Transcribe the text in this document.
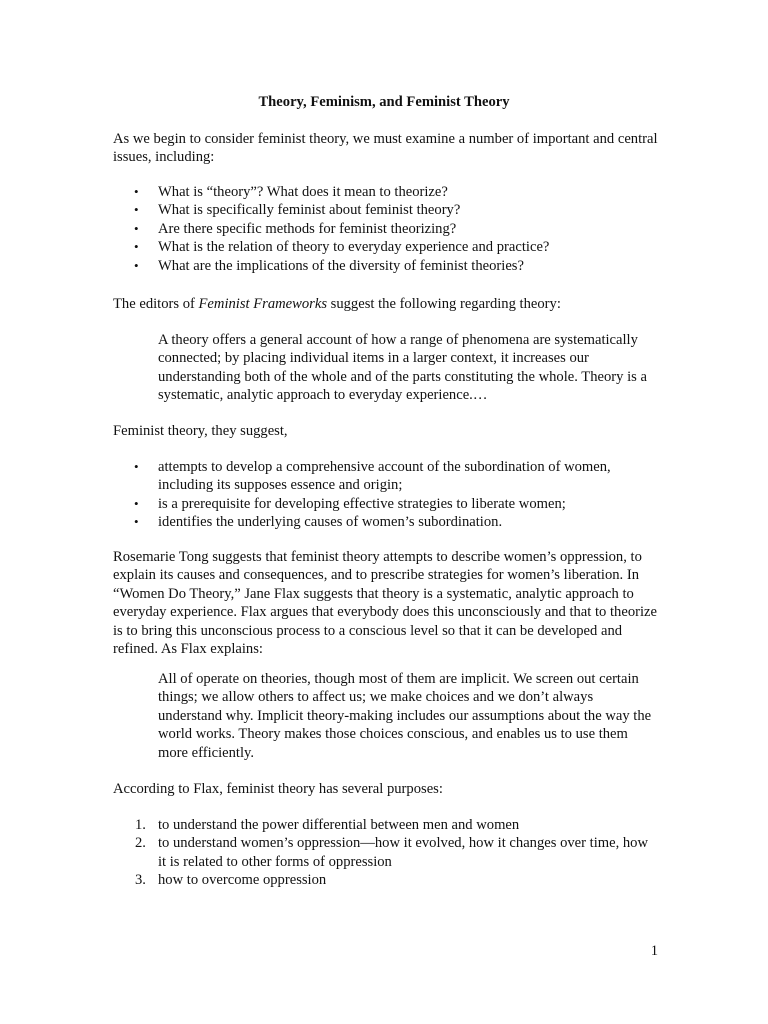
Theory, Feminism, and Feminist Theory

As we begin to consider feminist theory, we must examine a number of important and central issues, including:

• What is “theory”? What does it mean to theorize?
• What is specifically feminist about feminist theory?
• Are there specific methods for feminist theorizing?
• What is the relation of theory to everyday experience and practice?
• What are the implications of the diversity of feminist theories?

The editors of Feminist Frameworks suggest the following regarding theory:

A theory offers a general account of how a range of phenomena are systematically connected; by placing individual items in a larger context, it increases our understanding both of the whole and of the parts constituting the whole. Theory is a systematic, analytic approach to everyday experience.…

Feminist theory, they suggest,

• attempts to develop a comprehensive account of the subordination of women, including its supposes essence and origin;
• is a prerequisite for developing effective strategies to liberate women;
• identifies the underlying causes of women’s subordination.

Rosemarie Tong suggests that feminist theory attempts to describe women’s oppression, to explain its causes and consequences, and to prescribe strategies for women’s liberation. In “Women Do Theory,” Jane Flax suggests that theory is a systematic, analytic approach to everyday experience. Flax argues that everybody does this unconsciously and that to theorize is to bring this unconscious process to a conscious level so that it can be developed and refined. As Flax explains:

All of operate on theories, though most of them are implicit. We screen out certain things; we allow others to affect us; we make choices and we don’t always understand why. Implicit theory-making includes our assumptions about the way the world works. Theory makes those choices conscious, and enables us to use them more efficiently.

According to Flax, feminist theory has several purposes:

1. to understand the power differential between men and women
2. to understand women’s oppression—how it evolved, how it changes over time, how it is related to other forms of oppression
3. how to overcome oppression
1
